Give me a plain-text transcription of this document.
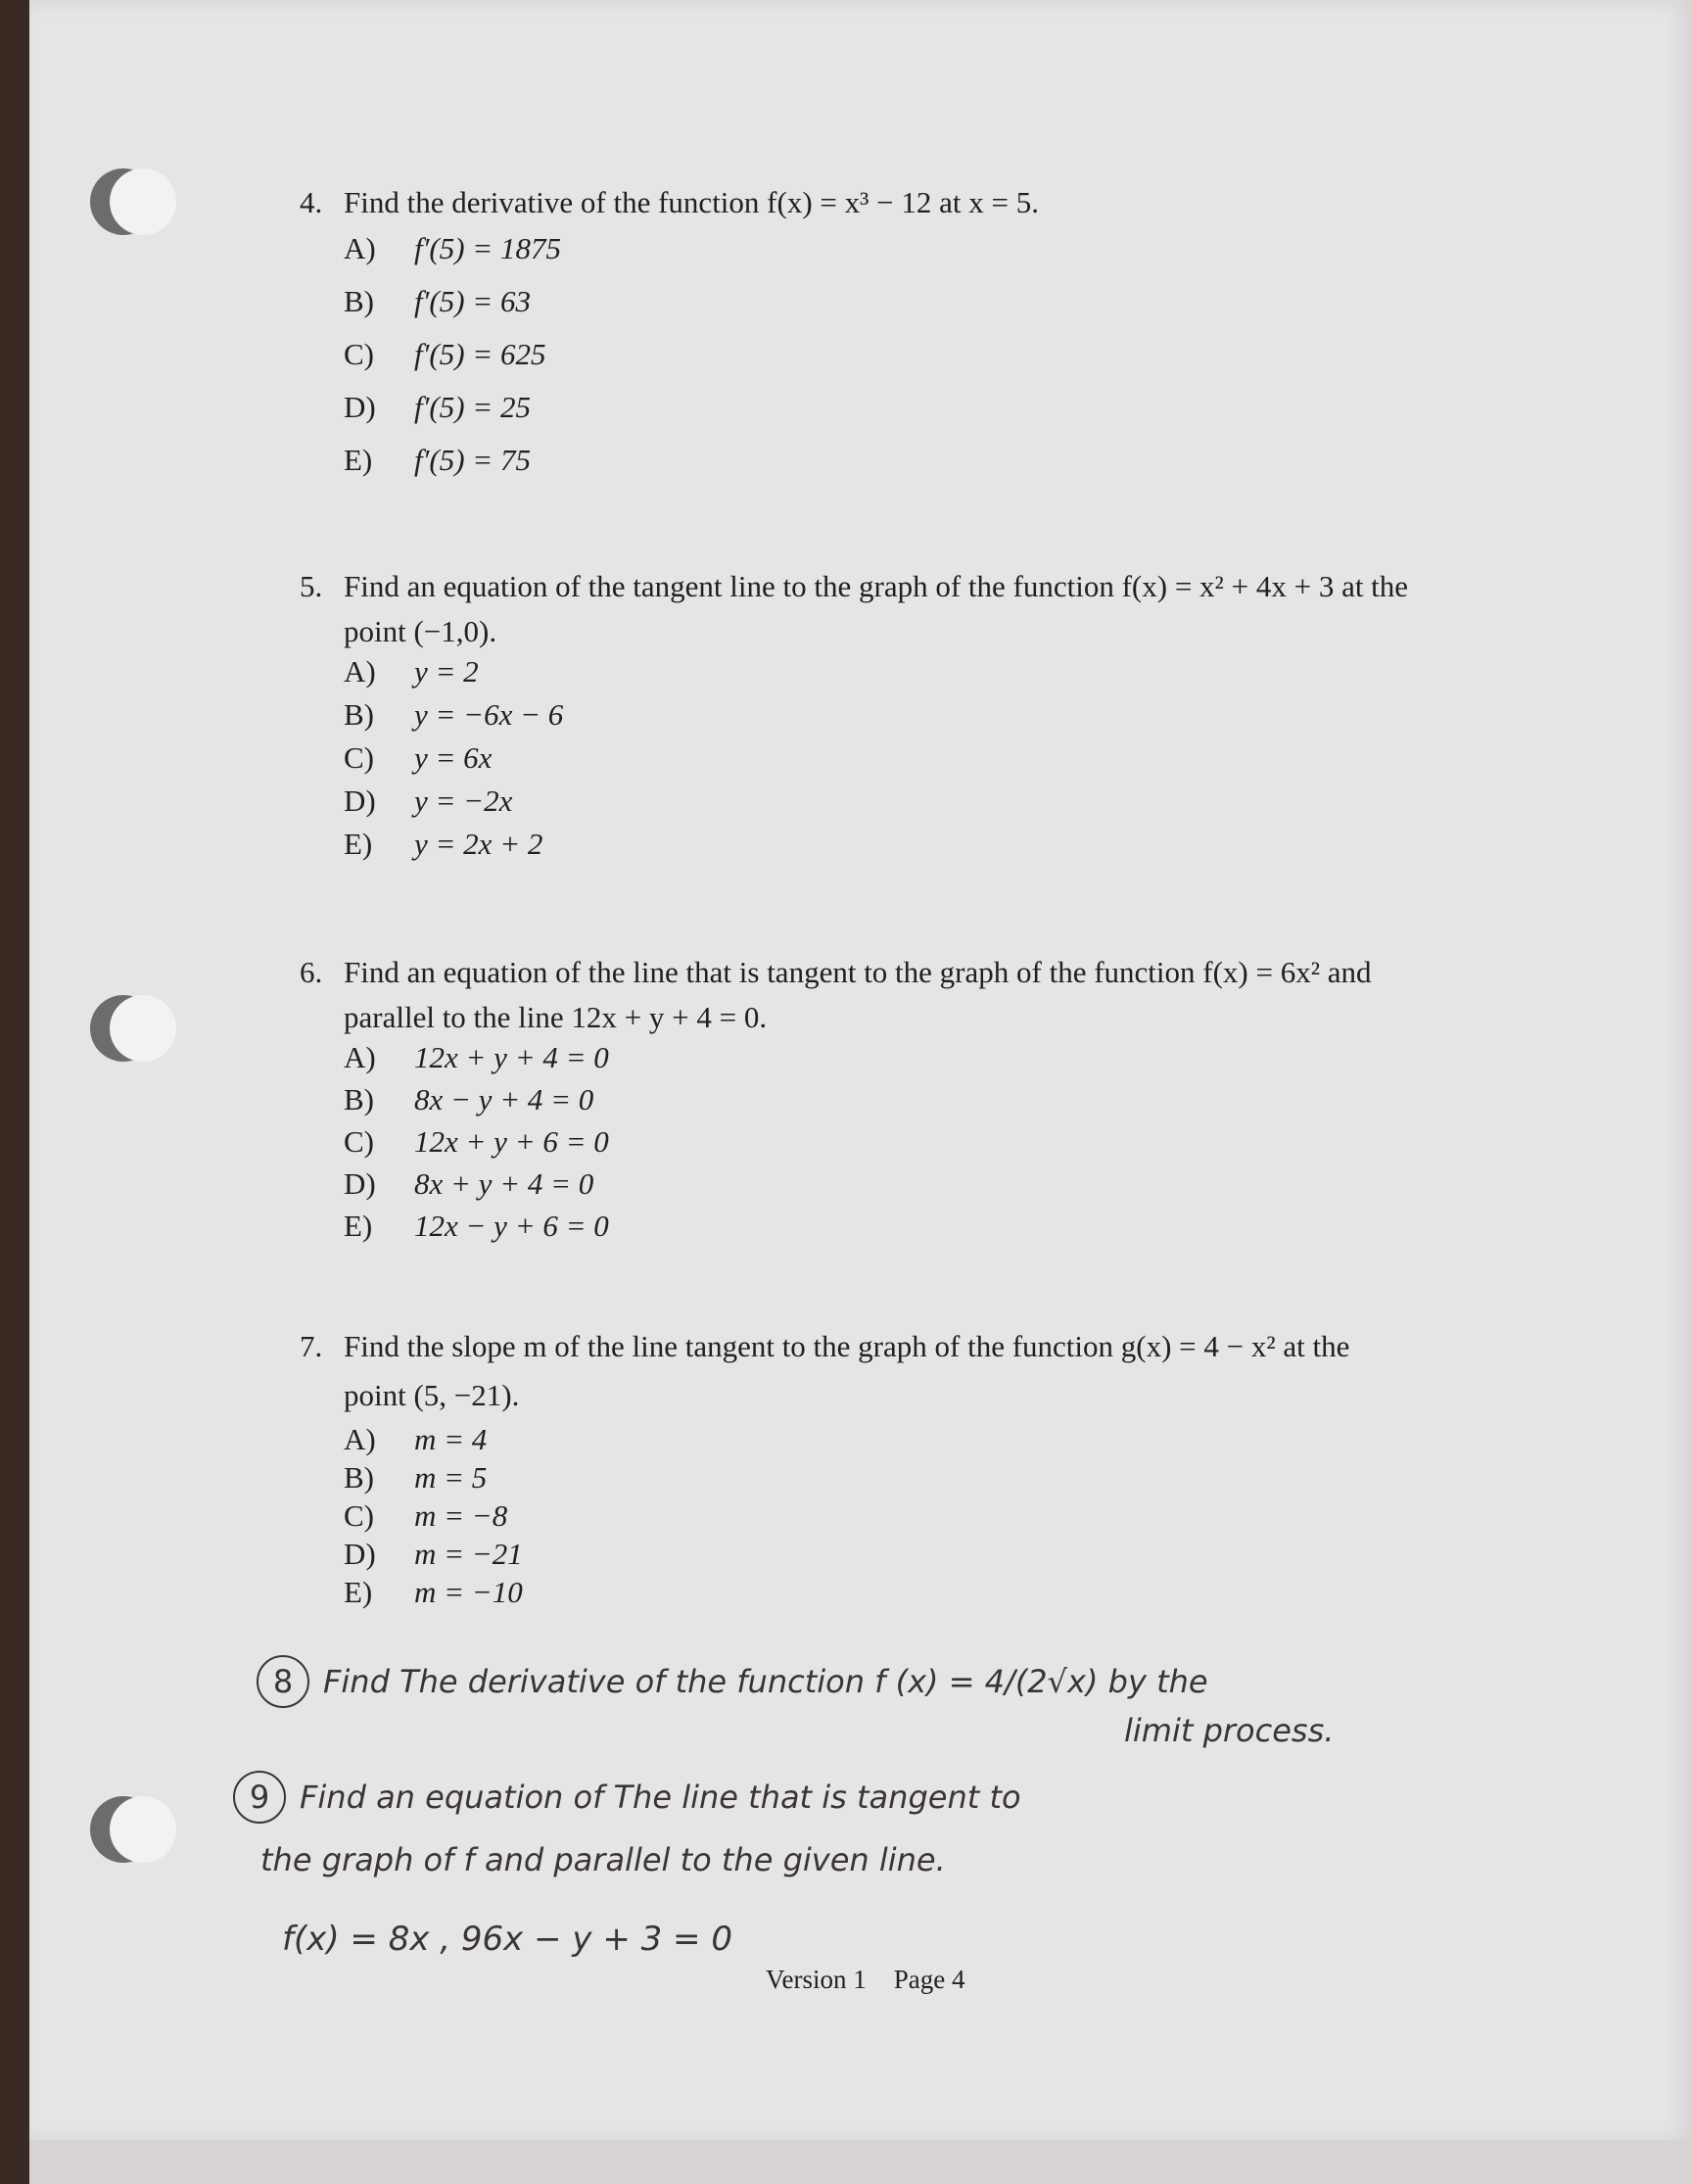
4. Find the derivative of the function f(x) = x³ − 12 at x = 5.
A)	f′(5) = 1875
B)	f′(5) = 63
C)	f′(5) = 625
D)	f′(5) = 25
E)	f′(5) = 75
5. Find an equation of the tangent line to the graph of the function f(x) = x² + 4x + 3 at the
point (−1,0).
A)	y = 2
B)	y = −6x − 6
C)	y = 6x
D)	y = −2x
E)	y = 2x + 2
6. Find an equation of the line that is tangent to the graph of the function f(x) = 6x² and
parallel to the line 12x + y + 4 = 0.
A)	12x + y + 4 = 0
B)	8x − y + 4 = 0
C)	12x + y + 6 = 0
D)	8x + y + 4 = 0
E)	12x − y + 6 = 0
7. Find the slope m of the line tangent to the graph of the function g(x) = 4 − x² at the
point (5, −21).
A)	m = 4
B)	m = 5
C)	m = −8
D)	m = −21
E)	m = −10
8 Find The derivative of the function f (x) = 4/(2√x) by the
limit process.
9 Find an equation of The line that is tangent to
the graph of f and parallel to the given line.
f(x) = 8x , 96x − y + 3 = 0
Version 1 Page 4
